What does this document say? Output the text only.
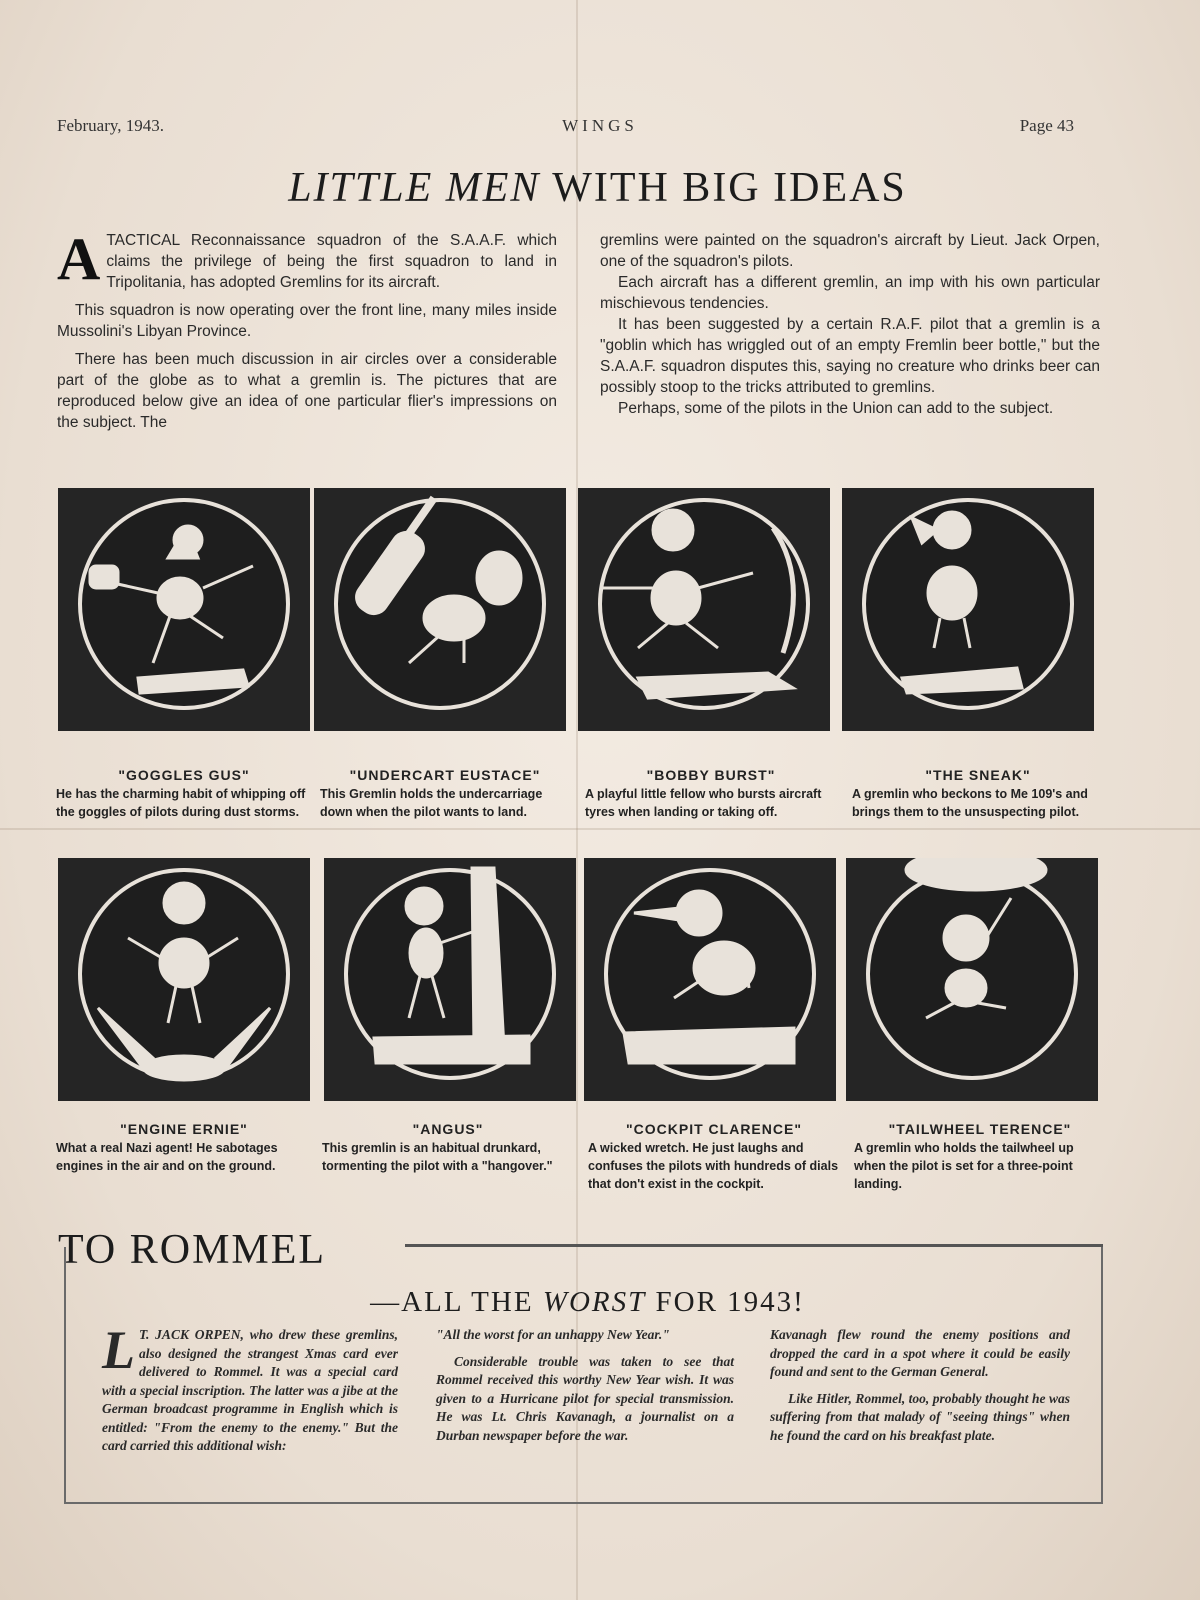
February, 1943.	WINGS	Page 43
LITTLE MEN WITH BIG IDEAS

ATACTICAL Reconnaissance squadron of the S.A.A.F. which claims the privilege of being the first squadron to land in Tripolitania, has adopted Gremlins for its aircraft.

This squadron is now operating over the front line, many miles inside Mussolini's Libyan Province.

There has been much discussion in air circles over a considerable part of the globe as to what a gremlin is. The pictures that are reproduced below give an idea of one particular flier's impressions on the subject. The

gremlins were painted on the squadron's aircraft by Lieut. Jack Orpen, one of the squadron's pilots.

Each aircraft has a different gremlin, an imp with his own particular mischievous tendencies.

It has been suggested by a certain R.A.F. pilot that a gremlin is a "goblin which has wriggled out of an empty Fremlin beer bottle," but the S.A.A.F. squadron disputes this, saying no creature who drinks beer can possibly stoop to the tricks attributed to gremlins.

Perhaps, some of the pilots in the Union can add to the subject.

"GOGGLES GUS"
He has the charming habit of whipping off the goggles of pilots during dust storms.
"UNDERCART EUSTACE"
This Gremlin holds the undercarriage down when the pilot wants to land.
"BOBBY BURST"
A playful little fellow who bursts aircraft tyres when landing or taking off.
"THE SNEAK"
A gremlin who beckons to Me 109's and brings them to the unsuspecting pilot.
"ENGINE ERNIE"
What a real Nazi agent! He sabotages engines in the air and on the ground.
"ANGUS"
This gremlin is an habitual drunkard, tormenting the pilot with a "hangover."
"COCKPIT CLARENCE"
A wicked wretch. He just laughs and confuses the pilots with hundreds of dials that don't exist in the cockpit.
"TAILWHEEL TERENCE"
A gremlin who holds the tailwheel up when the pilot is set for a three-point landing.
TO ROMMEL
—ALL THE WORST FOR 1943!

L T. JACK ORPEN, who drew these gremlins, also designed the strangest Xmas card ever delivered to Rommel. It was a special card with a special inscription. The latter was a jibe at the German broadcast programme in English which is entitled: "From the enemy to the enemy." But the card carried this additional wish:

"All the worst for an unhappy New Year."

Considerable trouble was taken to see that Rommel received this worthy New Year wish. It was given to a Hurricane pilot for special transmission. He was Lt. Chris Kavanagh, a journalist on a Durban newspaper before the war.

Kavanagh flew round the enemy positions and dropped the card in a spot where it could be easily found and sent to the German General.

Like Hitler, Rommel, too, probably thought he was suffering from that malady of "seeing things" when he found the card on his breakfast plate.
